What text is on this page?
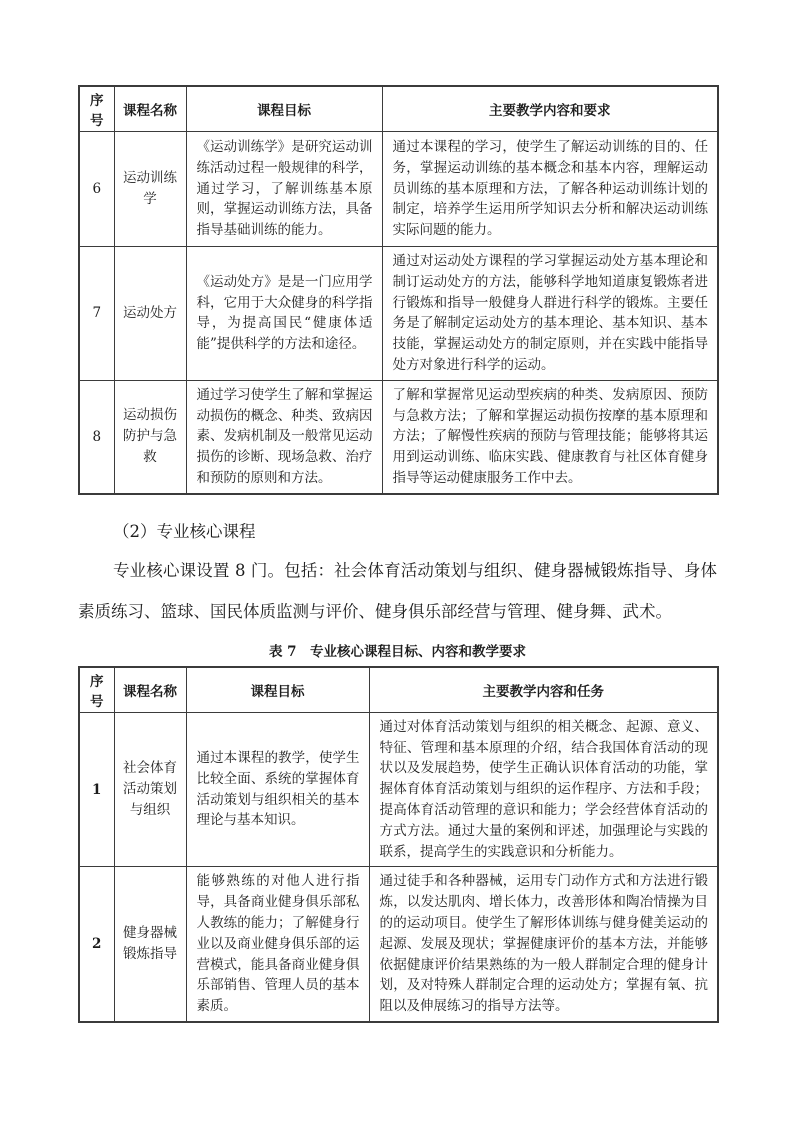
序号	课程名称	课程目标	主要教学内容和要求
6	运动训练学	《运动训练学》是研究运动训练活动过程一般规律的科学，通过学习，了解训练基本原则，掌握运动训练方法，具备指导基础训练的能力。	通过本课程的学习，使学生了解运动训练的目的、任务，掌握运动训练的基本概念和基本内容，理解运动员训练的基本原理和方法，了解各种运动训练计划的制定，培养学生运用所学知识去分析和解决运动训练实际问题的能力。
7	运动处方	《运动处方》是是一门应用学科，它用于大众健身的科学指导，为提高国民“健康体适能”提供科学的方法和途径。	通过对运动处方课程的学习掌握运动处方基本理论和制订运动处方的方法，能够科学地知道康复锻炼者进行锻炼和指导一般健身人群进行科学的锻炼。主要任务是了解制定运动处方的基本理论、基本知识、基本技能，掌握运动处方的制定原则，并在实践中能指导处方对象进行科学的运动。
8	运动损伤防护与急救	通过学习使学生了解和掌握运动损伤的概念、种类、致病因素、发病机制及一般常见运动损伤的诊断、现场急救、治疗和预防的原则和方法。	了解和掌握常见运动型疾病的种类、发病原因、预防与急救方法；了解和掌握运动损伤按摩的基本原理和方法；了解慢性疾病的预防与管理技能；能够将其运用到运动训练、临床实践、健康教育与社区体育健身指导等运动健康服务工作中去。
（2）专业核心课程

专业核心课设置 8 门。包括：社会体育活动策划与组织、健身器械锻炼指导、身体素质练习、篮球、国民体质监测与评价、健身俱乐部经营与管理、健身舞、武术。

表 7　专业核心课程目标、内容和教学要求
序号	课程名称	课程目标	主要教学内容和任务
1	社会体育活动策划与组织	通过本课程的教学，使学生比较全面、系统的掌握体育活动策划与组织相关的基本理论与基本知识。	通过对体育活动策划与组织的相关概念、起源、意义、特征、管理和基本原理的介绍，结合我国体育活动的现状以及发展趋势，使学生正确认识体育活动的功能，掌握体育体育活动策划与组织的运作程序、方法和手段；提高体育活动管理的意识和能力；学会经营体育活动的方式方法。通过大量的案例和评述，加强理论与实践的联系，提高学生的实践意识和分析能力。
2	健身器械锻炼指导	能够熟练的对他人进行指导，具备商业健身俱乐部私人教练的能力；了解健身行业以及商业健身俱乐部的运营模式，能具备商业健身俱乐部销售、管理人员的基本素质。	通过徒手和各种器械，运用专门动作方式和方法进行锻炼，以发达肌肉、增长体力，改善形体和陶冶情操为目的的运动项目。使学生了解形体训练与健身健美运动的起源、发展及现状；掌握健康评价的基本方法，并能够依据健康评价结果熟练的为一般人群制定合理的健身计划，及对特殊人群制定合理的运动处方；掌握有氧、抗阻以及伸展练习的指导方法等。
